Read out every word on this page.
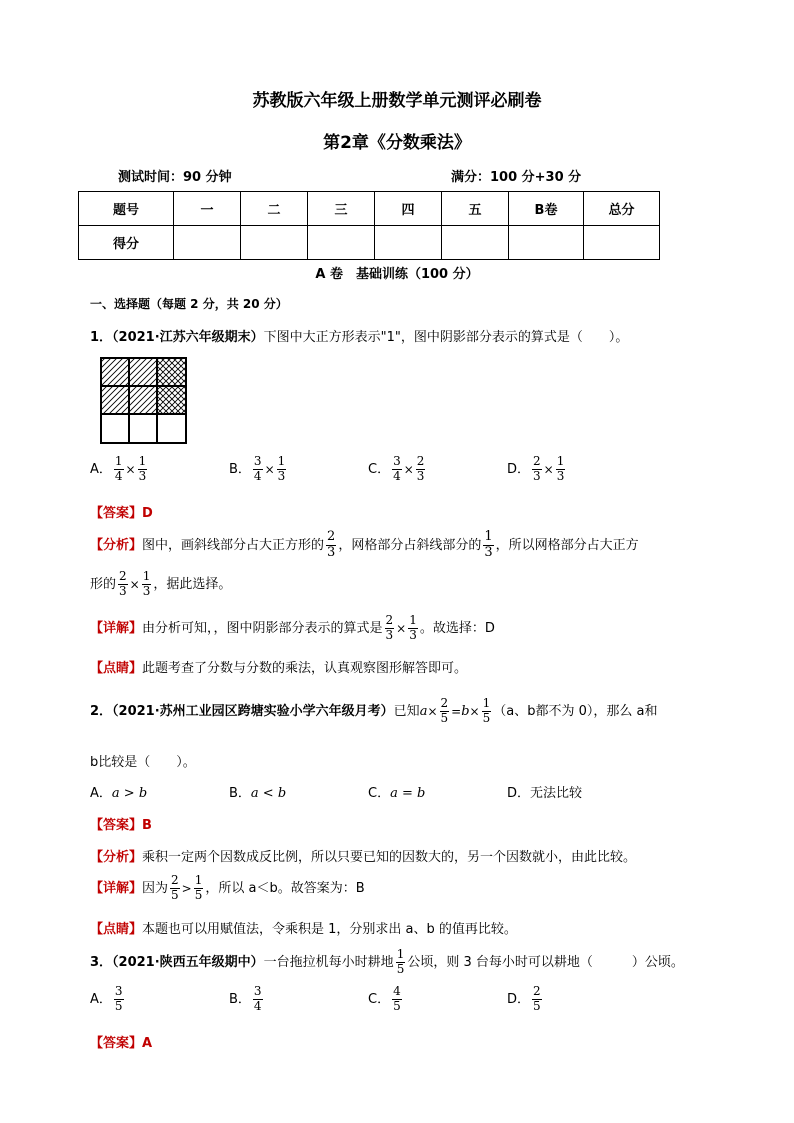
苏教版六年级上册数学单元测评必刷卷
第2章《分数乘法》
测试时间：90 分钟	满分：100 分+30 分
题号	一	二	三	四	五	B卷	总分
得分							
A 卷　基础训练（100 分）
一、选择题（每题 2 分，共 20 分）
1．（2021·江苏六年级期末）下图中大正方形表示"1"，图中阴影部分表示的算式是（　　）。
A． $\frac{1}{4} \times \frac{1}{3}$	B． $\frac{3}{4} \times \frac{1}{3}$	C． $\frac{3}{4} \times \frac{2}{3}$	D． $\frac{2}{3} \times \frac{1}{3}$
【答案】D
【分析】图中，画斜线部分占大正方形的 $\frac{2}{3}$ ，网格部分占斜线部分的 $\frac{1}{3}$ ，所以网格部分占大正方
形的 $\frac{2}{3} \times \frac{1}{3}$ ，据此选择。
【详解】由分析可知，，图中阴影部分表示的算式是 $\frac{2}{3} \times \frac{1}{3}$ 。故选择：D
【点睛】此题考查了分数与分数的乘法，认真观察图形解答即可。
2．（2021·苏州工业园区跨塘实验小学六年级月考）已知$a\times \frac{2}{5} =b\times \frac{1}{5} (a$、b都不为 0），那么 a和
b比较是（　　）。
A．a > b	B．a < b	C．a = b	D．无法比较
【答案】B
【分析】乘积一定两个因数成反比例，所以只要已知的因数大的，另一个因数就小，由此比较。
【详解】因为 $\frac{2}{5} > \frac{1}{5}$ ，所以 a＜b。故答案为：B
【点睛】本题也可以用赋值法，令乘积是 1，分别求出 a、b 的值再比较。
3．（2021·陕西五年级期中）一台拖拉机每小时耕地 $\frac{1}{5}$ 公顷，则 3 台每小时可以耕地（　　　）公顷。
A． $\frac{3}{5}$	B． $\frac{3}{4}$	C． $\frac{4}{5}$	D． $\frac{2}{5}$
【答案】A
